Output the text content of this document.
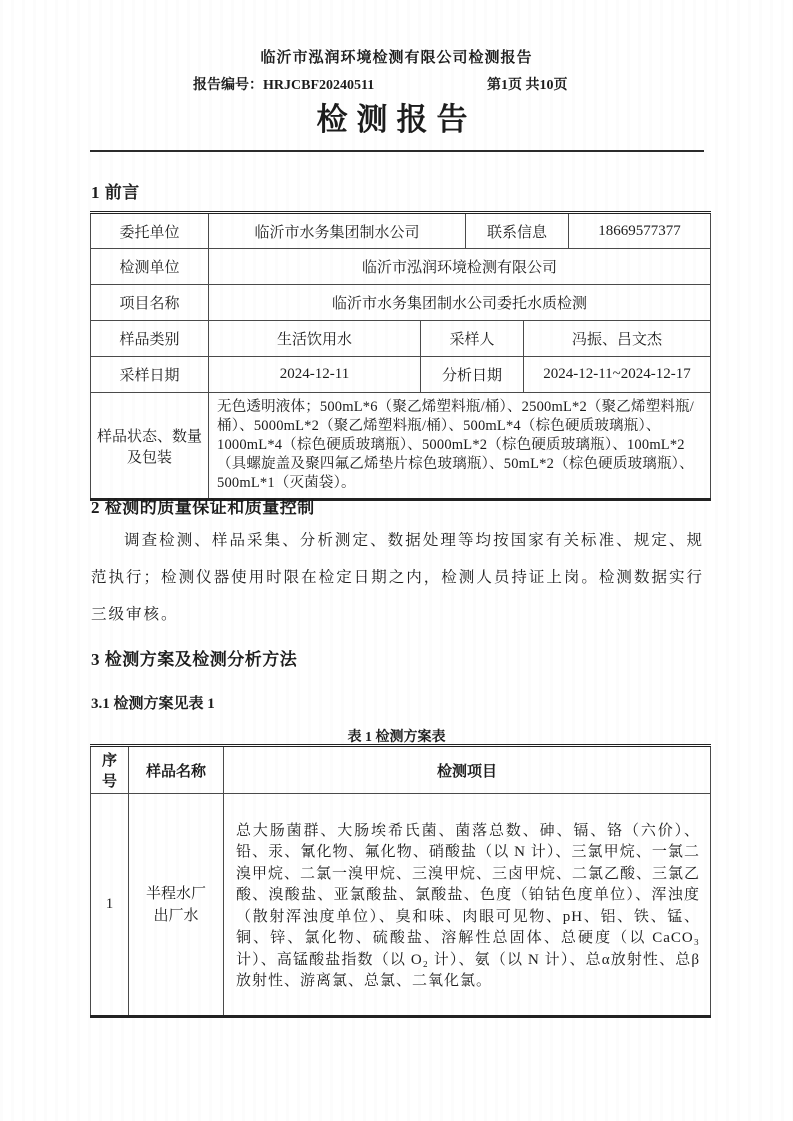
临沂市泓润环境检测有限公司检测报告
报告编号：HRJCBF20240511	第1页 共10页
检测报告
1 前言
委托单位	临沂市水务集团制水公司		联系信息		18669577377
检测单位	临沂市泓润环境检测有限公司				
项目名称	临沂市水务集团制水公司委托水质检测				
样品类别	生活饮用水	采样人		冯振、吕文杰	
采样日期	2024-12-11	分析日期		2024-12-11~2024-12-17	
样品状态、数量及包装	无色透明液体；500mL*6（聚乙烯塑料瓶/桶）、2500mL*2（聚乙烯塑料瓶/桶）、5000mL*2（聚乙烯塑料瓶/桶）、500mL*4（棕色硬质玻璃瓶）、1000mL*4（棕色硬质玻璃瓶）、5000mL*2（棕色硬质玻璃瓶）、100mL*2（具螺旋盖及聚四氟乙烯垫片棕色玻璃瓶）、50mL*2（棕色硬质玻璃瓶）、500mL*1（灭菌袋）。				
2 检测的质量保证和质量控制
调查检测、样品采集、分析测定、数据处理等均按国家有关标准、规定、规范执行；检测仪器使用时限在检定日期之内，检测人员持证上岗。检测数据实行三级审核。
3 检测方案及检测分析方法
3.1 检测方案见表 1
表 1 检测方案表
序号	样品名称	检测项目
1	半程水厂出厂水	总大肠菌群、大肠埃希氏菌、菌落总数、砷、镉、铬（六价）、铅、汞、氰化物、氟化物、硝酸盐（以 N 计）、三氯甲烷、一氯二溴甲烷、二氯一溴甲烷、三溴甲烷、三卤甲烷、二氯乙酸、三氯乙酸、溴酸盐、亚氯酸盐、氯酸盐、色度（铂钴色度单位）、浑浊度（散射浑浊度单位）、臭和味、肉眼可见物、pH、铝、铁、锰、铜、锌、氯化物、硫酸盐、溶解性总固体、总硬度（以 CaCO₃ 计）、高锰酸盐指数（以 O₂ 计）、氨（以 N 计）、总α放射性、总β放射性、游离氯、总氯、二氧化氯。
